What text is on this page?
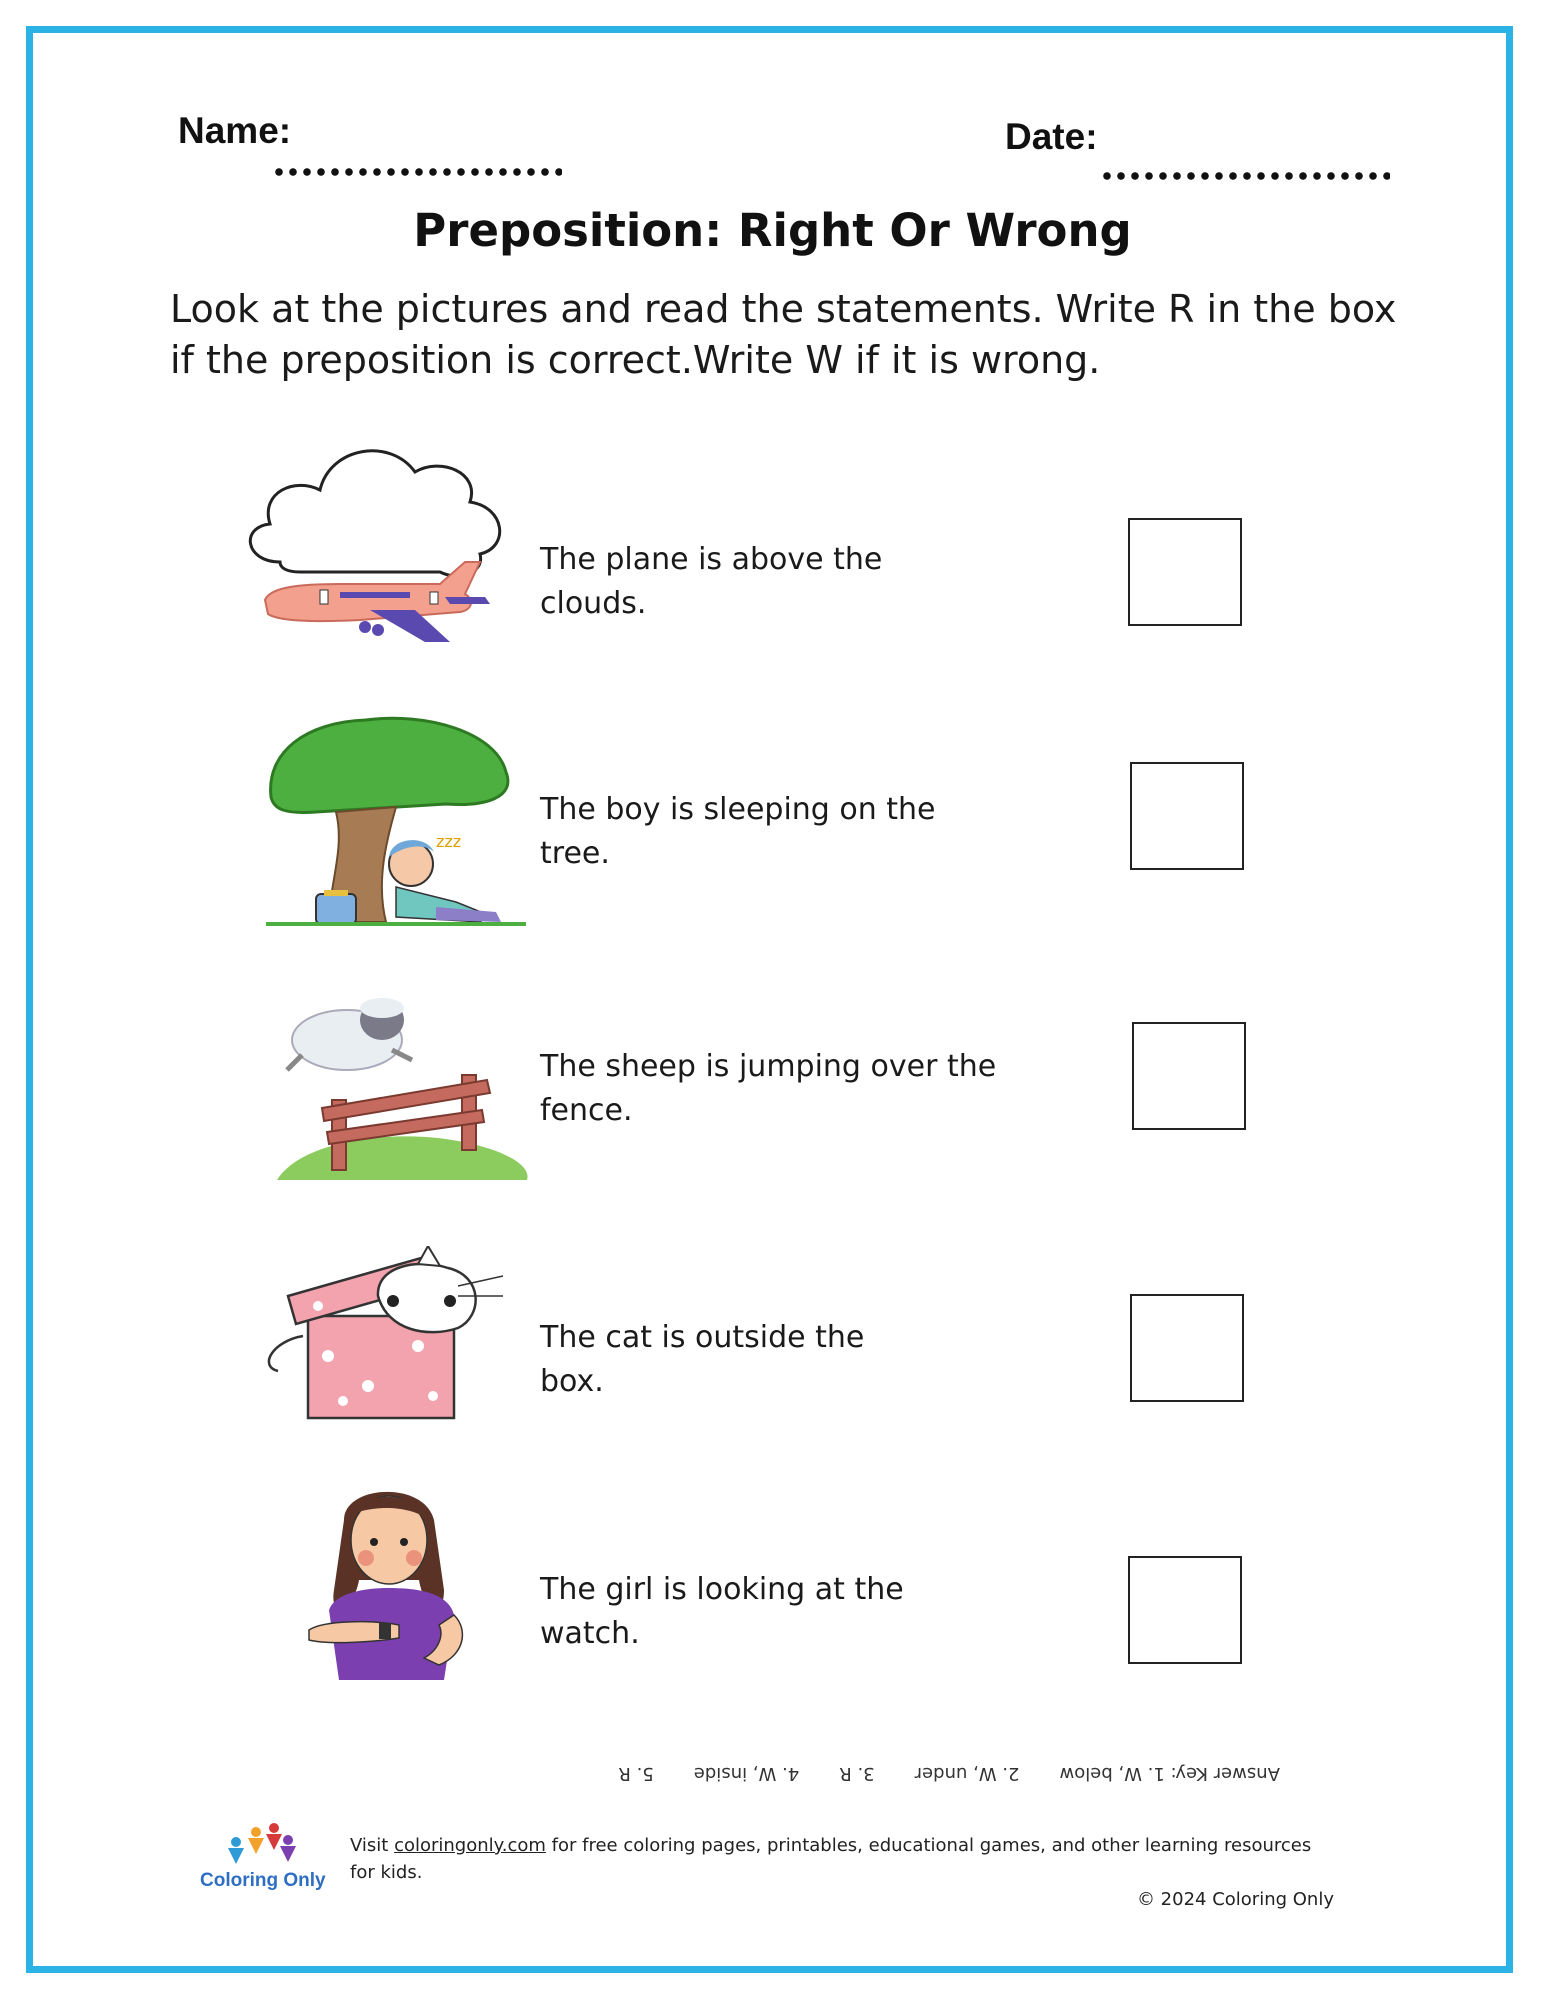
Name:	Date:
Preposition: Right Or Wrong
Look at the pictures and read the statements. Write R in the box if the preposition is correct.Write W if it is wrong.
The plane is above the
clouds.
zzz
The boy is sleeping on the
tree.
The sheep is jumping over the
fence.
The cat is outside the
box.
The girl is looking at the
watch.
Answer Key: 1. W, below
2. W, under
3. R
4. W, inside
5. R
Coloring Only
Visit coloringonly.com for free coloring pages, printables, educational games, and other learning resources for kids.
© 2024 Coloring Only
